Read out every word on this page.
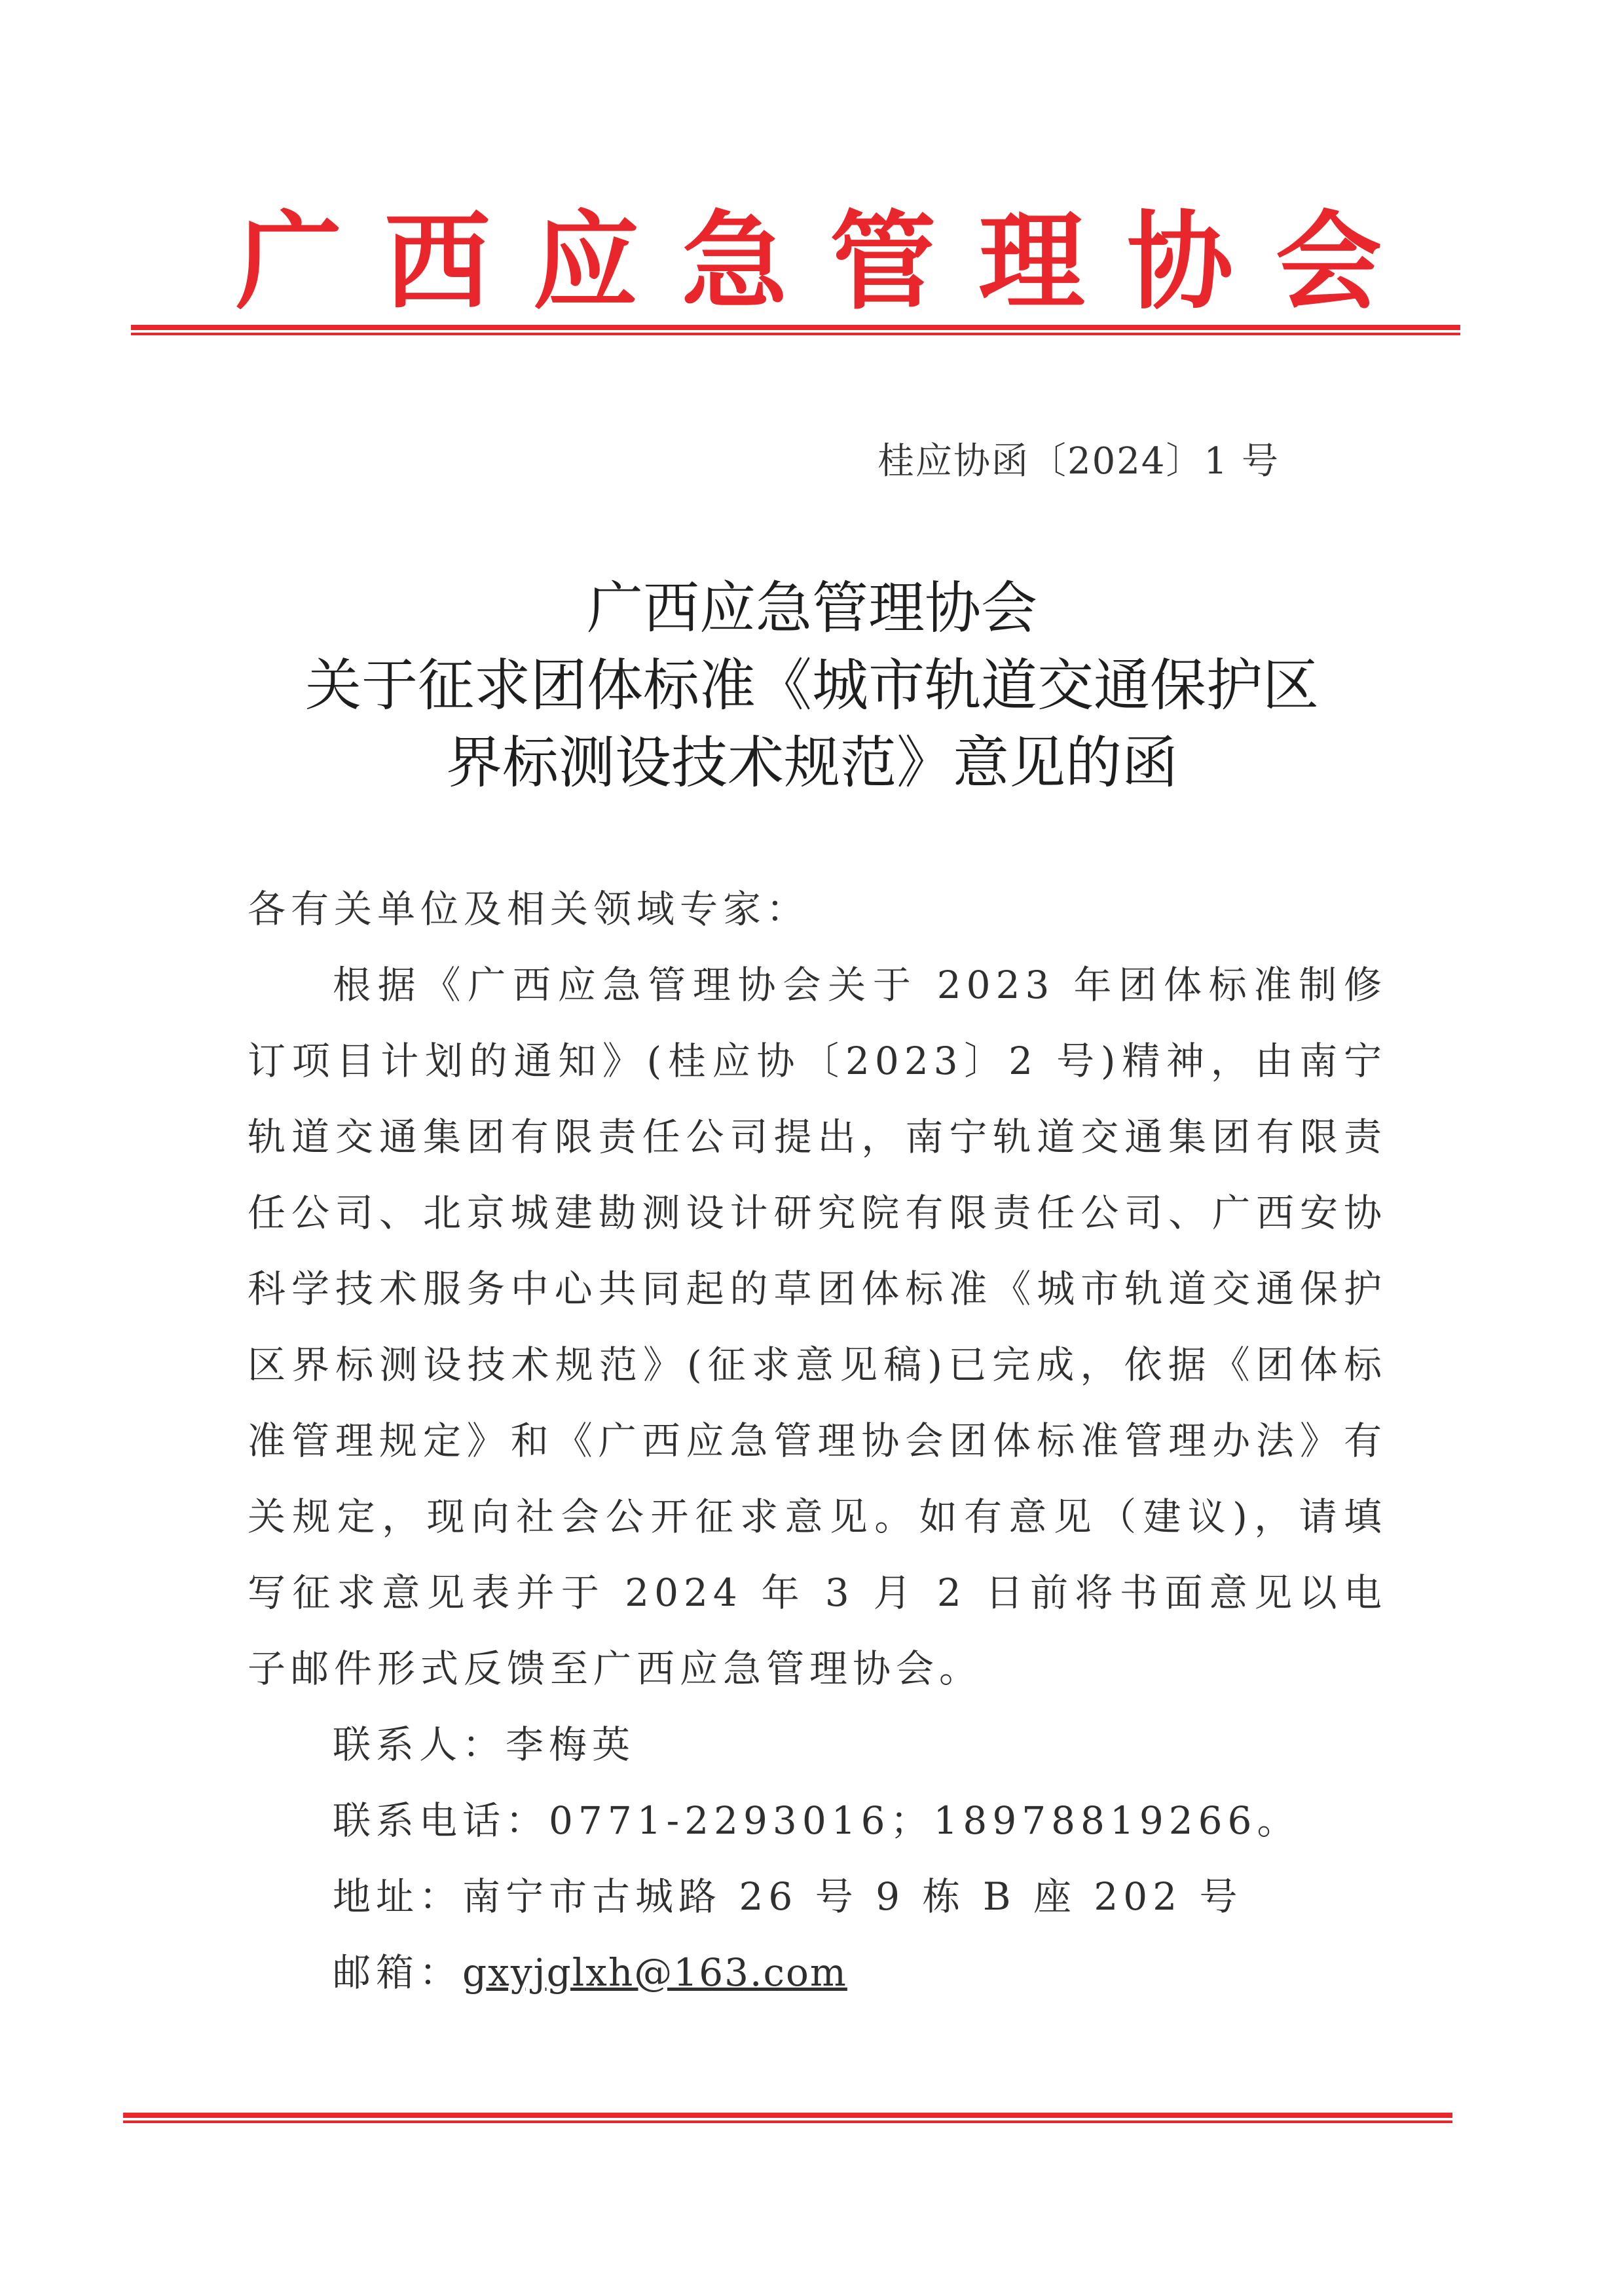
广 西 应 急 管 理 协 会
桂应协函〔2024〕1 号
广西应急管理协会
关于征求团体标准《城市轨道交通保护区
界标测设技术规范》意见的函
各有关单位及相关领域专家：
根据《广西应急管理协会关于 2023 年团体标准制修订项目计划的通知》(桂应协〔2023〕2 号)精神，由南宁轨道交通集团有限责任公司提出，南宁轨道交通集团有限责任公司、北京城建勘测设计研究院有限责任公司、广西安协科学技术服务中心共同起的草团体标准《城市轨道交通保护区界标测设技术规范》(征求意见稿)已完成，依据《团体标准管理规定》和《广西应急管理协会团体标准管理办法》有关规定，现向社会公开征求意见。如有意见（建议)，请填写征求意见表并于 2024 年 3 月 2 日前将书面意见以电子邮件形式反馈至广西应急管理协会。
联系人：李梅英
联系电话：0771-2293016；18978819266。
地址：南宁市古城路 26 号 9 栋 B 座 202 号
邮箱：gxyjglxh@163.com
